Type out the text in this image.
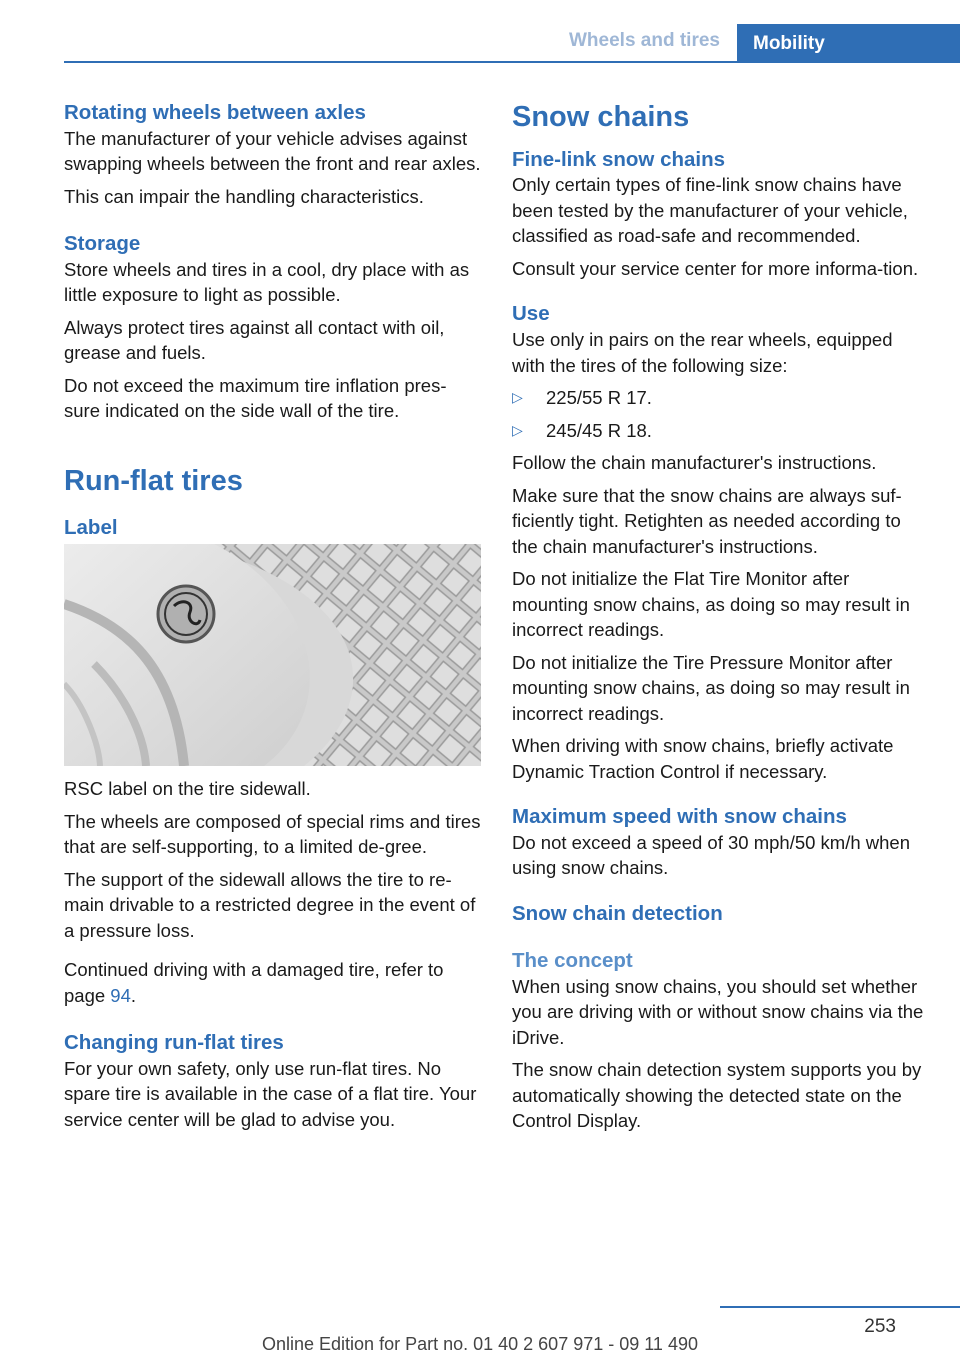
Wheels and tires	Mobility
Rotating wheels between axles

The manufacturer of your vehicle advises against swapping wheels between the front and rear axles.

This can impair the handling characteristics.

Storage

Store wheels and tires in a cool, dry place with as little exposure to light as possible.

Always protect tires against all contact with oil, grease and fuels.

Do not exceed the maximum tire inflation pres‐sure indicated on the side wall of the tire.

Run-flat tires
Label

RSC label on the tire sidewall.

The wheels are composed of special rims and tires that are self-supporting, to a limited de‐gree.

The support of the sidewall allows the tire to re‐main drivable to a restricted degree in the event of a pressure loss.

Continued driving with a damaged tire, refer to page 94.

Changing run-flat tires

For your own safety, only use run-flat tires. No spare tire is available in the case of a flat tire. Your service center will be glad to advise you.

Snow chains
Fine-link snow chains

Only certain types of fine-link snow chains have been tested by the manufacturer of your vehicle, classified as road-safe and recommended.

Consult your service center for more informa‐tion.

Use

Use only in pairs on the rear wheels, equipped with the tires of the following size:

▷ 225/55 R 17.
▷ 245/45 R 18.

Follow the chain manufacturer's instructions.

Make sure that the snow chains are always suf‐ficiently tight. Retighten as needed according to the chain manufacturer's instructions.

Do not initialize the Flat Tire Monitor after mounting snow chains, as doing so may result in incorrect readings.

Do not initialize the Tire Pressure Monitor after mounting snow chains, as doing so may result in incorrect readings.

When driving with snow chains, briefly activate Dynamic Traction Control if necessary.

Maximum speed with snow chains

Do not exceed a speed of 30 mph/50 km/h when using snow chains.

Snow chain detection
The concept

When using snow chains, you should set whether you are driving with or without snow chains via the iDrive.

The snow chain detection system supports you by automatically showing the detected state on the Control Display.

253
Online Edition for Part no. 01 40 2 607 971 - 09 11 490
